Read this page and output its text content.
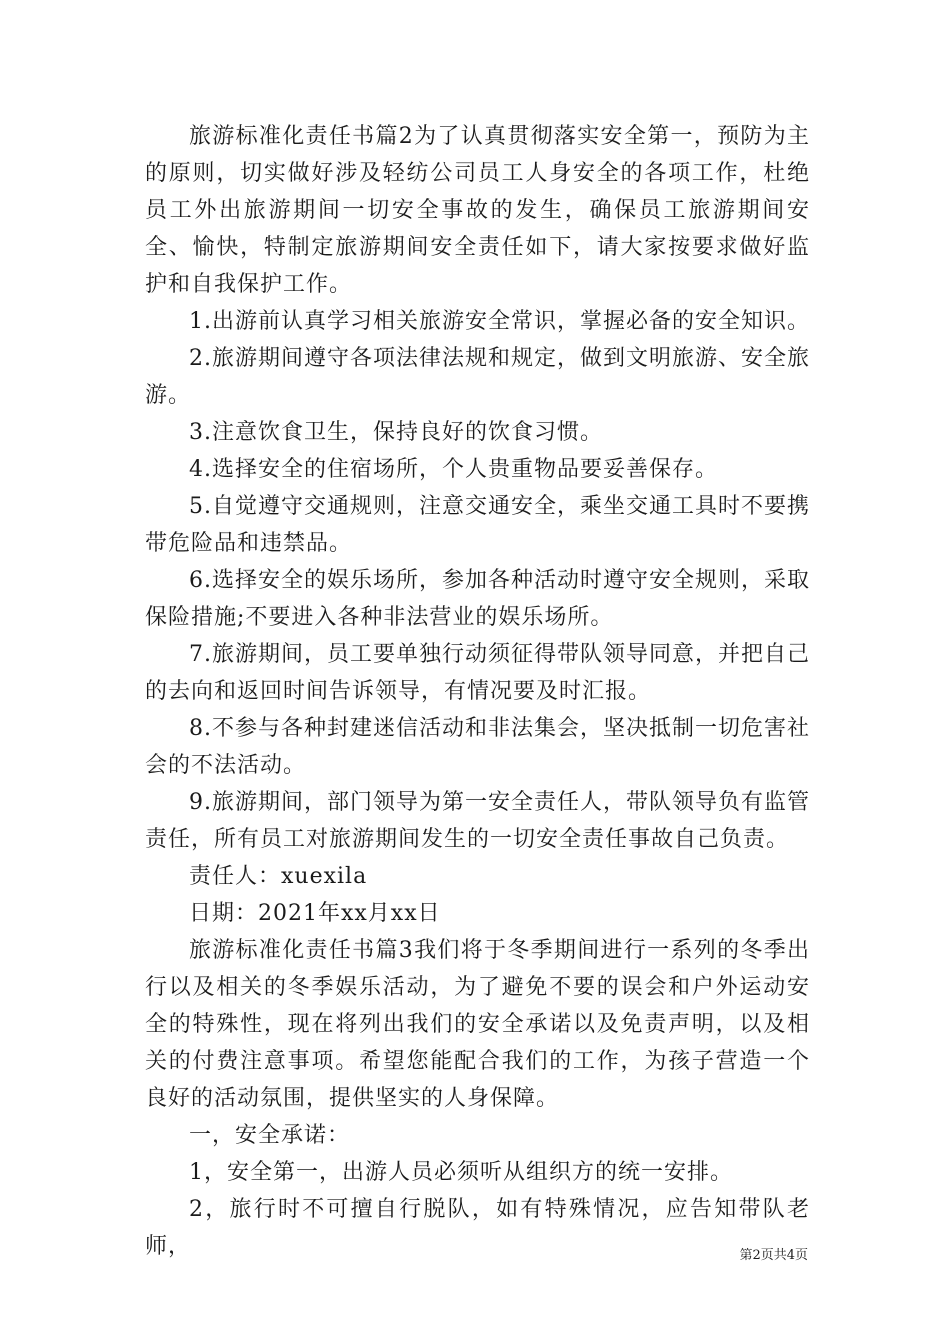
旅游标准化责任书篇2为了认真贯彻落实安全第一，预防为主的原则，切实做好涉及轻纺公司员工人身安全的各项工作，杜绝员工外出旅游期间一切安全事故的发生，确保员工旅游期间安全、愉快，特制定旅游期间安全责任如下，请大家按要求做好监护和自我保护工作。

1.出游前认真学习相关旅游安全常识，掌握必备的安全知识。

2.旅游期间遵守各项法律法规和规定，做到文明旅游、安全旅游。

3.注意饮食卫生，保持良好的饮食习惯。

4.选择安全的住宿场所，个人贵重物品要妥善保存。

5.自觉遵守交通规则，注意交通安全，乘坐交通工具时不要携带危险品和违禁品。

6.选择安全的娱乐场所，参加各种活动时遵守安全规则，采取保险措施;不要进入各种非法营业的娱乐场所。

7.旅游期间，员工要单独行动须征得带队领导同意，并把自己的去向和返回时间告诉领导，有情况要及时汇报。

8.不参与各种封建迷信活动和非法集会，坚决抵制一切危害社会的不法活动。

9.旅游期间，部门领导为第一安全责任人，带队领导负有监管责任，所有员工对旅游期间发生的一切安全责任事故自己负责。

责任人：xuexila

日期：2021年xx月xx日

旅游标准化责任书篇3我们将于冬季期间进行一系列的冬季出行以及相关的冬季娱乐活动，为了避免不要的误会和户外运动安全的特殊性，现在将列出我们的安全承诺以及免责声明，以及相关的付费注意事项。希望您能配合我们的工作，为孩子营造一个良好的活动氛围，提供坚实的人身保障。

一，安全承诺：

1，安全第一，出游人员必须听从组织方的统一安排。

2，旅行时不可擅自行脱队，如有特殊情况，应告知带队老师，	第2页共4页
